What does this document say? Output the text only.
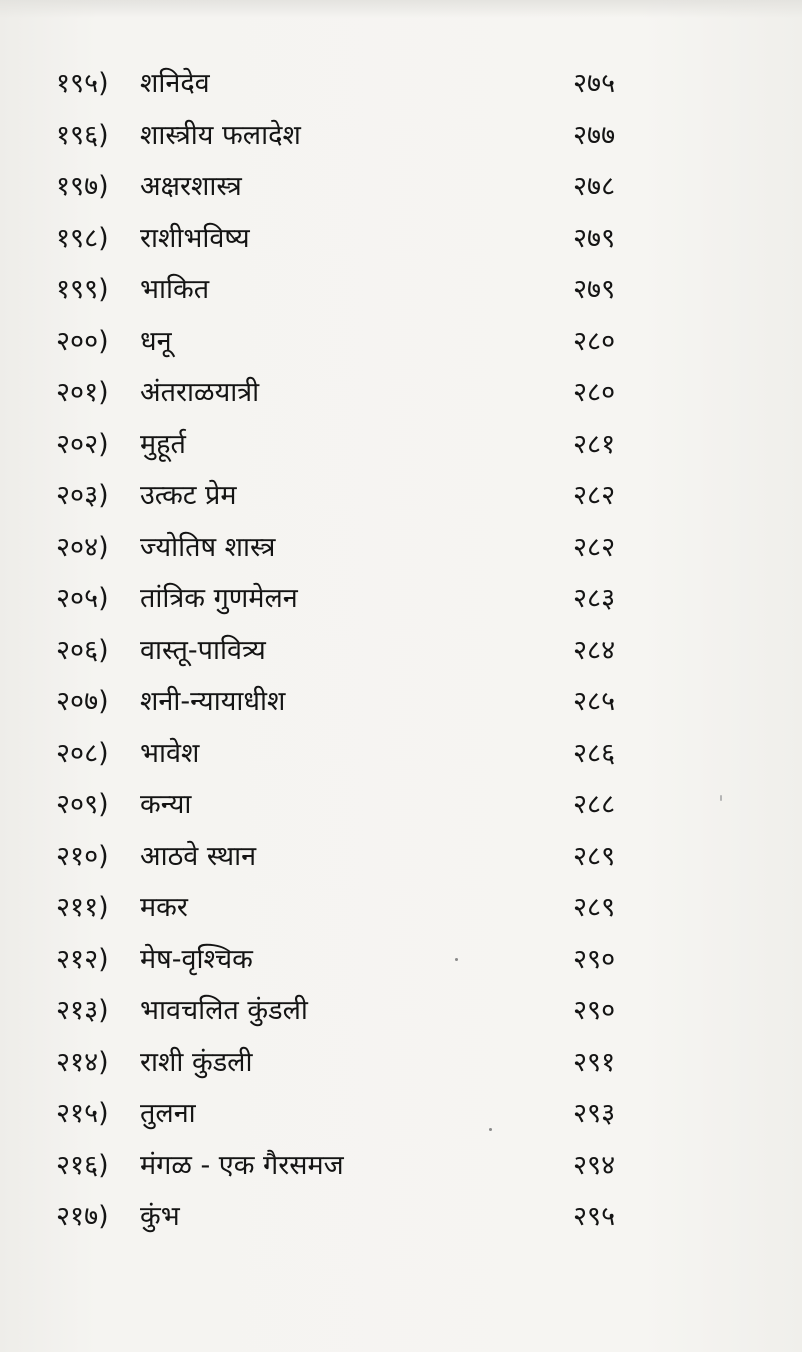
१९५) शनिदेव	२७५
१९६) शास्त्रीय फलादेश	२७७
१९७) अक्षरशास्त्र	२७८
१९८) राशीभविष्य	२७९
१९९) भाकित	२७९
२००) धनू	२८०
२०१) अंतराळयात्री	२८०
२०२) मुहूर्त	२८१
२०३) उत्कट प्रेम	२८२
२०४) ज्योतिष शास्त्र	२८२
२०५) तांत्रिक गुणमेलन	२८३
२०६) वास्तू-पावित्र्य	२८४
२०७) शनी-न्यायाधीश	२८५
२०८) भावेश	२८६
२०९) कन्या	२८८
२१०) आठवे स्थान	२८९
२११) मकर	२८९
२१२) मेष-वृश्चिक	२९०
२१३) भावचलित कुंडली	२९०
२१४) राशी कुंडली	२९१
२१५) तुलना	२९३
२१६) मंगळ - एक गैरसमज	२९४
२१७) कुंभ	२९५
